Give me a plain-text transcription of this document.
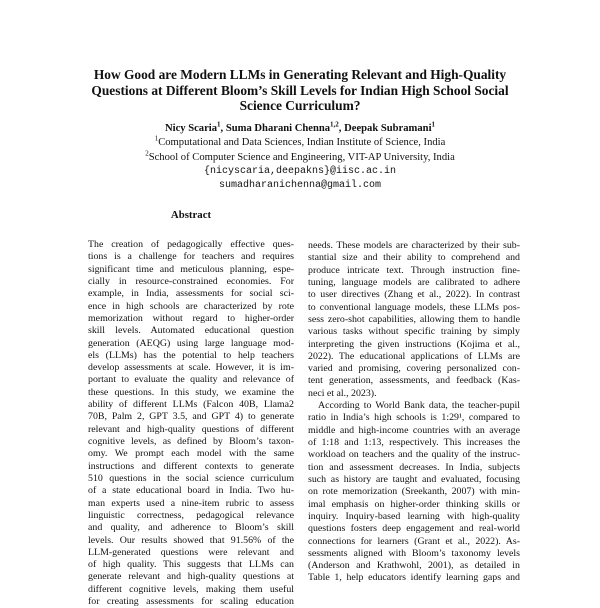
How Good are Modern LLMs in Generating Relevant and High-Quality
Questions at Different Bloom’s Skill Levels for Indian High School Social
Science Curriculum?
Nicy Scaria$^1$, Suma Dharani Chenna$^{1,2}$, Deepak Subramani$^1$
$^1$Computational and Data Sciences, Indian Institute of Science, India
$^2$School of Computer Science and Engineering, VIT-AP University, India
{nicyscaria,deepakns}@iisc.ac.in
sumadharanichenna@gmail.com
Abstract
The creation of pedagogically effective ques-
tions is a challenge for teachers and requires
significant time and meticulous planning, espe-
cially in resource-constrained economies. For
example, in India, assessments for social sci-
ence in high schools are characterized by rote
memorization without regard to higher-order
skill levels. Automated educational question
generation (AEQG) using large language mod-
els (LLMs) has the potential to help teachers
develop assessments at scale. However, it is im-
portant to evaluate the quality and relevance of
these questions. In this study, we examine the
ability of different LLMs (Falcon 40B, Llama2
70B, Palm 2, GPT 3.5, and GPT 4) to generate
relevant and high-quality questions of different
cognitive levels, as defined by Bloom’s taxon-
omy. We prompt each model with the same
instructions and different contexts to generate
510 questions in the social science curriculum
of a state educational board in India. Two hu-
man experts used a nine-item rubric to assess
linguistic correctness, pedagogical relevance
and quality, and adherence to Bloom’s skill
levels. Our results showed that 91.56% of the
LLM-generated questions were relevant and
of high quality. This suggests that LLMs can
generate relevant and high-quality questions at
different cognitive levels, making them useful
for creating assessments for scaling education
needs. These models are characterized by their sub-
stantial size and their ability to comprehend and
produce intricate text. Through instruction fine-
tuning, language models are calibrated to adhere
to user directives (Zhang et al., 2022). In contrast
to conventional language models, these LLMs pos-
sess zero-shot capabilities, allowing them to handle
various tasks without specific training by simply
interpreting the given instructions (Kojima et al.,
2022). The educational applications of LLMs are
varied and promising, covering personalized con-
tent generation, assessments, and feedback (Kas-
neci et al., 2023).
According to World Bank data, the teacher-pupil
ratio in India’s high schools is 1:29¹, compared to
middle and high-income countries with an average
of 1:18 and 1:13, respectively. This increases the
workload on teachers and the quality of the instruc-
tion and assessment decreases. In India, subjects
such as history are taught and evaluated, focusing
on rote memorization (Sreekanth, 2007) with min-
imal emphasis on higher-order thinking skills or
inquiry. Inquiry-based learning with high-quality
questions fosters deep engagement and real-world
connections for learners (Grant et al., 2022). As-
sessments aligned with Bloom’s taxonomy levels
(Anderson and Krathwohl, 2001), as detailed in
Table 1, help educators identify learning gaps and
